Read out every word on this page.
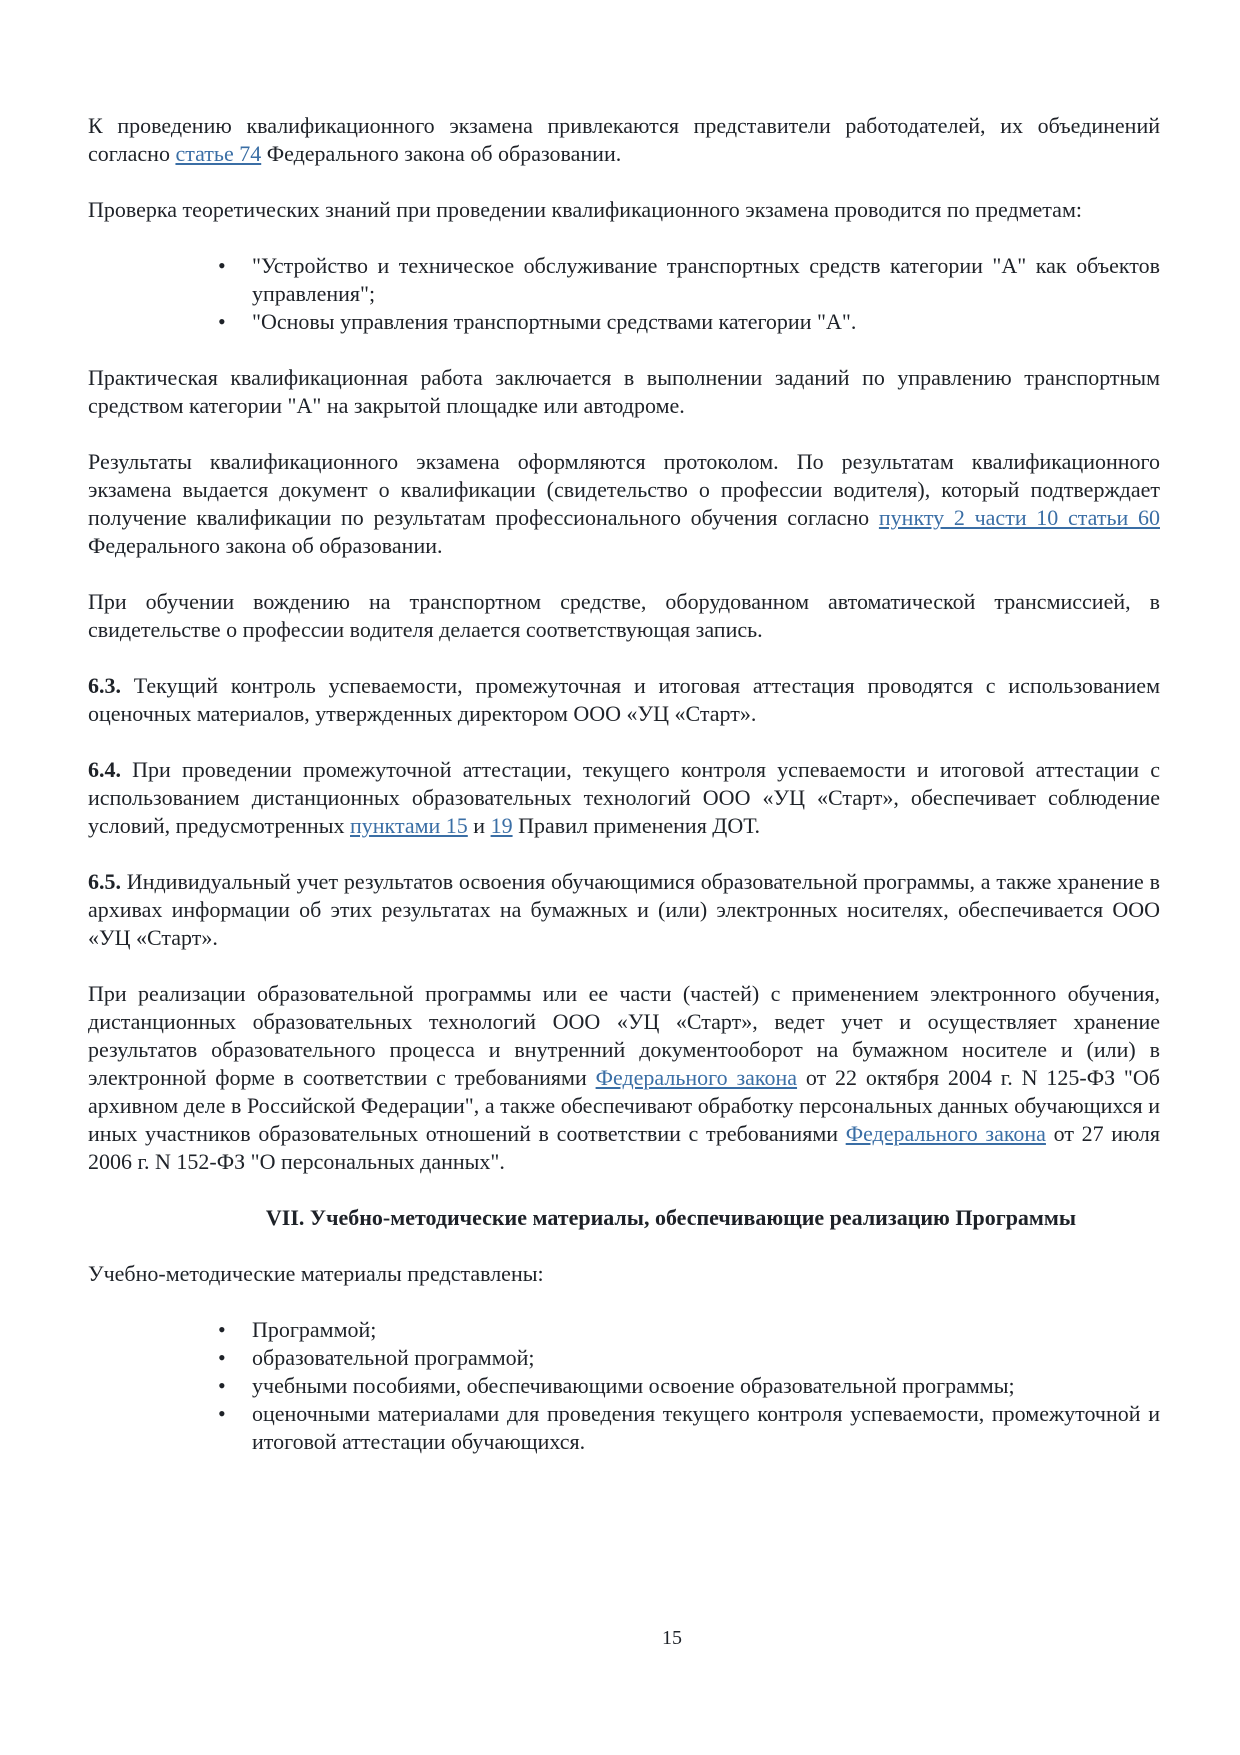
К проведению квалификационного экзамена привлекаются представители работодателей, их объединений согласно статье 74 Федерального закона об образовании.

Проверка теоретических знаний при проведении квалификационного экзамена проводится по предметам:

• "Устройство и техническое обслуживание транспортных средств категории "А" как объектов управления";
• "Основы управления транспортными средствами категории "А".

Практическая квалификационная работа заключается в выполнении заданий по управлению транспортным средством категории "А" на закрытой площадке или автодроме.

Результаты квалификационного экзамена оформляются протоколом. По результатам квалификационного экзамена выдается документ о квалификации (свидетельство о профессии водителя), который подтверждает получение квалификации по результатам профессионального обучения согласно пункту 2 части 10 статьи 60 Федерального закона об образовании.

При обучении вождению на транспортном средстве, оборудованном автоматической трансмиссией, в свидетельстве о профессии водителя делается соответствующая запись.

6.3. Текущий контроль успеваемости, промежуточная и итоговая аттестация проводятся с использованием оценочных материалов, утвержденных директором ООО «УЦ «Старт».

6.4. При проведении промежуточной аттестации, текущего контроля успеваемости и итоговой аттестации с использованием дистанционных образовательных технологий ООО «УЦ «Старт», обеспечивает соблюдение условий, предусмотренных пунктами 15 и 19 Правил применения ДОТ.

6.5. Индивидуальный учет результатов освоения обучающимися образовательной программы, а также хранение в архивах информации об этих результатах на бумажных и (или) электронных носителях, обеспечивается ООО «УЦ «Старт».

При реализации образовательной программы или ее части (частей) с применением электронного обучения, дистанционных образовательных технологий ООО «УЦ «Старт», ведет учет и осуществляет хранение результатов образовательного процесса и внутренний документооборот на бумажном носителе и (или) в электронной форме в соответствии с требованиями Федерального закона от 22 октября 2004 г. N 125-ФЗ "Об архивном деле в Российской Федерации", а также обеспечивают обработку персональных данных обучающихся и иных участников образовательных отношений в соответствии с требованиями Федерального закона от 27 июля 2006 г. N 152-ФЗ "О персональных данных".

VII. Учебно-методические материалы, обеспечивающие реализацию Программы

Учебно-методические материалы представлены:

• Программой;
• образовательной программой;
• учебными пособиями, обеспечивающими освоение образовательной программы;
• оценочными материалами для проведения текущего контроля успеваемости, промежуточной и итоговой аттестации обучающихся.
15
